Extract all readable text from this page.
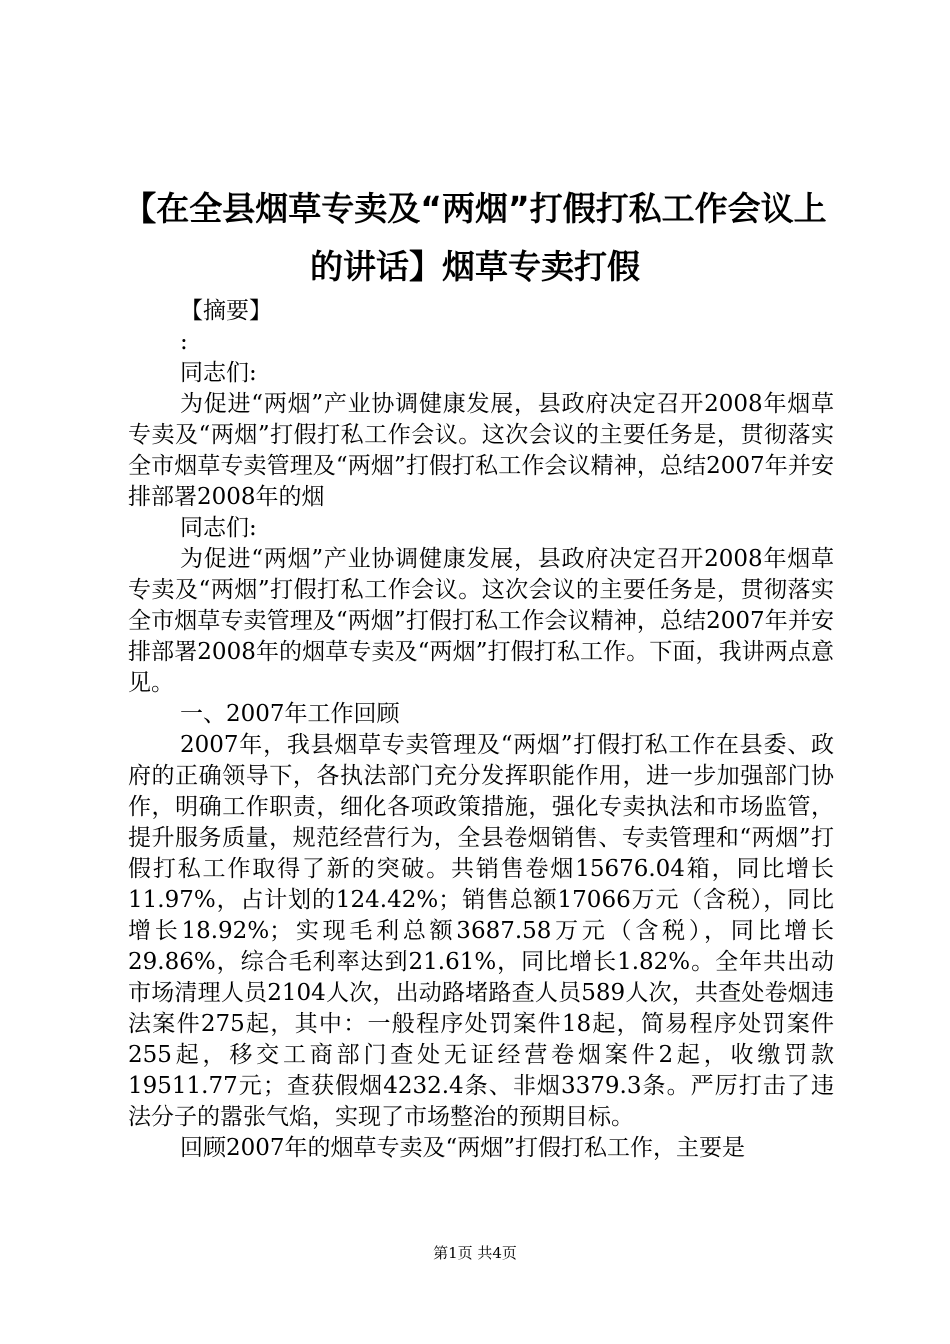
【在全县烟草专卖及“两烟”打假打私工作会议上的讲话】烟草专卖打假

【摘要】

:

同志们:

为促进“两烟”产业协调健康发展，县政府决定召开2008年烟草专卖及“两烟”打假打私工作会议。这次会议的主要任务是，贯彻落实全市烟草专卖管理及“两烟”打假打私工作会议精神，总结2007年并安排部署2008年的烟

同志们:

为促进“两烟”产业协调健康发展，县政府决定召开2008年烟草专卖及“两烟”打假打私工作会议。这次会议的主要任务是，贯彻落实全市烟草专卖管理及“两烟”打假打私工作会议精神，总结2007年并安排部署2008年的烟草专卖及“两烟”打假打私工作。下面，我讲两点意见。

一、2007年工作回顾

2007年，我县烟草专卖管理及“两烟”打假打私工作在县委、政府的正确领导下，各执法部门充分发挥职能作用，进一步加强部门协作，明确工作职责，细化各项政策措施，强化专卖执法和市场监管，提升服务质量，规范经营行为，全县卷烟销售、专卖管理和“两烟”打假打私工作取得了新的突破。共销售卷烟15676.04箱，同比增长11.97%，占计划的124.42%；销售总额17066万元（含税），同比增长18.92%；实现毛利总额3687.58万元（含税），同比增长29.86%，综合毛利率达到21.61%，同比增长1.82%。全年共出动市场清理人员2104人次，出动路堵路查人员589人次，共查处卷烟违法案件275起，其中：一般程序处罚案件18起，简易程序处罚案件255起，移交工商部门查处无证经营卷烟案件2起，收缴罚款19511.77元；查获假烟4232.4条、非烟3379.3条。严厉打击了违法分子的嚣张气焰，实现了市场整治的预期目标。

回顾2007年的烟草专卖及“两烟”打假打私工作，主要是

第1页 共4页
